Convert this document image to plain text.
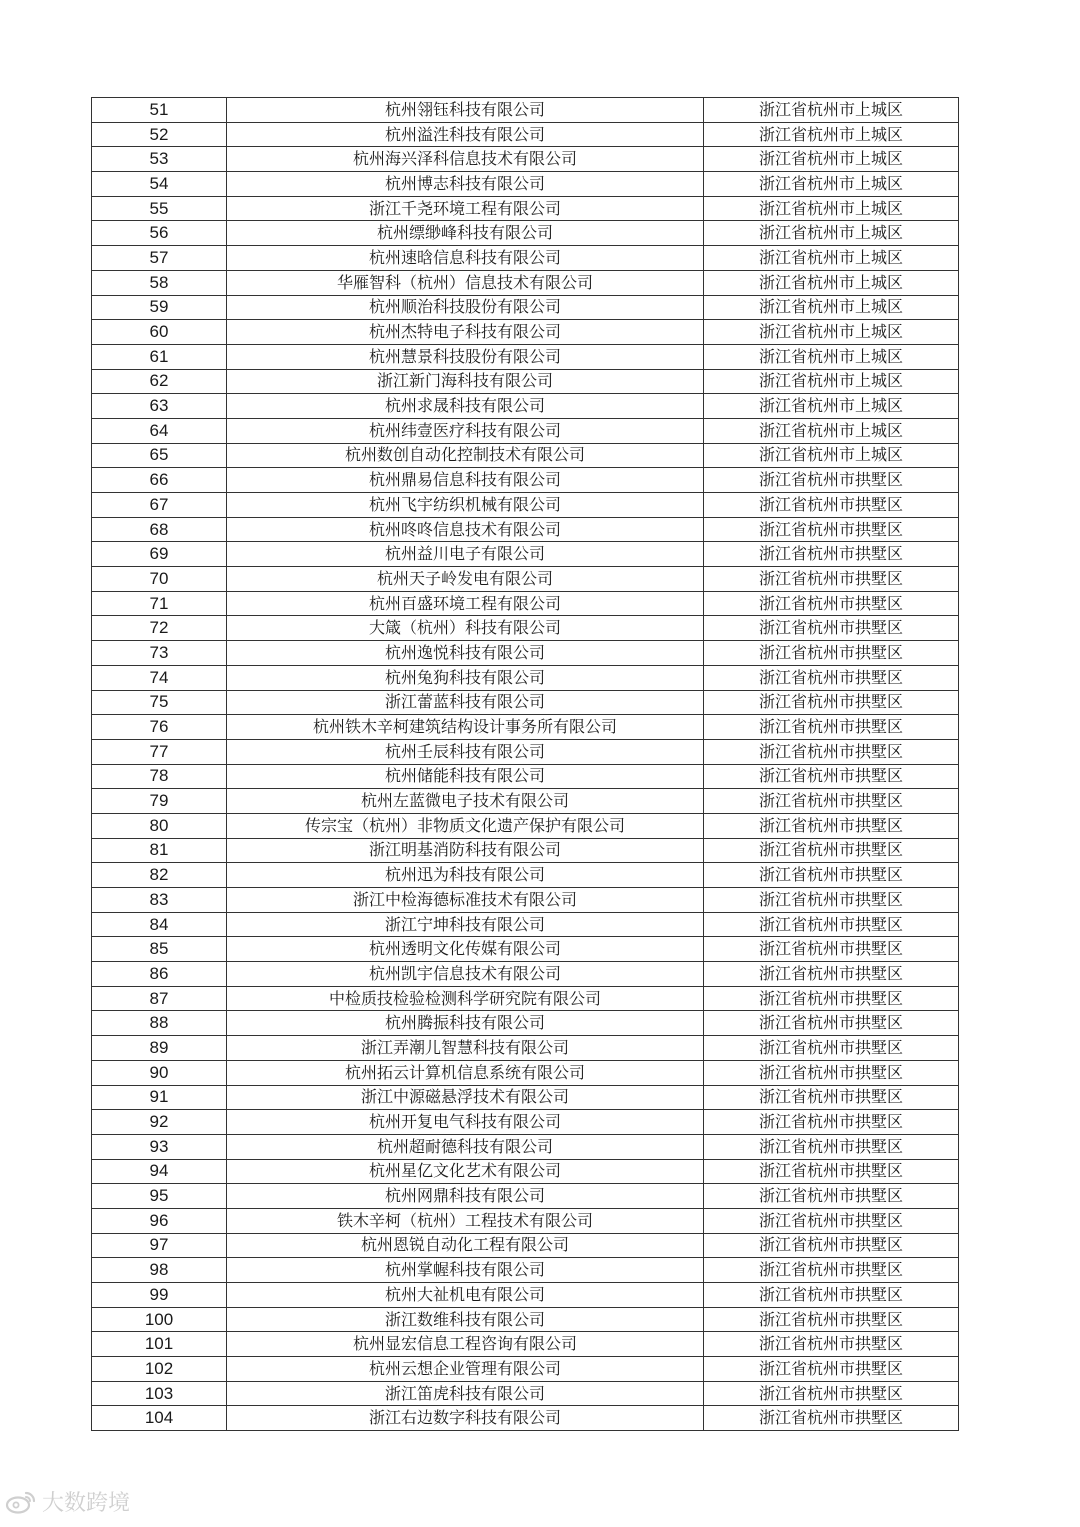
51	杭州翎钰科技有限公司	浙江省杭州市上城区
52	杭州溢泩科技有限公司	浙江省杭州市上城区
53	杭州海兴泽科信息技术有限公司	浙江省杭州市上城区
54	杭州博志科技有限公司	浙江省杭州市上城区
55	浙江千尧环境工程有限公司	浙江省杭州市上城区
56	杭州缥缈峰科技有限公司	浙江省杭州市上城区
57	杭州速晗信息科技有限公司	浙江省杭州市上城区
58	华雁智科（杭州）信息技术有限公司	浙江省杭州市上城区
59	杭州顺治科技股份有限公司	浙江省杭州市上城区
60	杭州杰特电子科技有限公司	浙江省杭州市上城区
61	杭州慧景科技股份有限公司	浙江省杭州市上城区
62	浙江新门海科技有限公司	浙江省杭州市上城区
63	杭州求晟科技有限公司	浙江省杭州市上城区
64	杭州纬壹医疗科技有限公司	浙江省杭州市上城区
65	杭州数创自动化控制技术有限公司	浙江省杭州市上城区
66	杭州鼎易信息科技有限公司	浙江省杭州市拱墅区
67	杭州飞宇纺织机械有限公司	浙江省杭州市拱墅区
68	杭州咚咚信息技术有限公司	浙江省杭州市拱墅区
69	杭州益川电子有限公司	浙江省杭州市拱墅区
70	杭州天子岭发电有限公司	浙江省杭州市拱墅区
71	杭州百盛环境工程有限公司	浙江省杭州市拱墅区
72	大箴（杭州）科技有限公司	浙江省杭州市拱墅区
73	杭州逸悦科技有限公司	浙江省杭州市拱墅区
74	杭州兔狗科技有限公司	浙江省杭州市拱墅区
75	浙江蕾蓝科技有限公司	浙江省杭州市拱墅区
76	杭州铁木辛柯建筑结构设计事务所有限公司	浙江省杭州市拱墅区
77	杭州壬辰科技有限公司	浙江省杭州市拱墅区
78	杭州储能科技有限公司	浙江省杭州市拱墅区
79	杭州左蓝微电子技术有限公司	浙江省杭州市拱墅区
80	传宗宝（杭州）非物质文化遗产保护有限公司	浙江省杭州市拱墅区
81	浙江明基消防科技有限公司	浙江省杭州市拱墅区
82	杭州迅为科技有限公司	浙江省杭州市拱墅区
83	浙江中检海德标准技术有限公司	浙江省杭州市拱墅区
84	浙江宁坤科技有限公司	浙江省杭州市拱墅区
85	杭州透明文化传媒有限公司	浙江省杭州市拱墅区
86	杭州凯宇信息技术有限公司	浙江省杭州市拱墅区
87	中检质技检验检测科学研究院有限公司	浙江省杭州市拱墅区
88	杭州腾振科技有限公司	浙江省杭州市拱墅区
89	浙江弄潮儿智慧科技有限公司	浙江省杭州市拱墅区
90	杭州拓云计算机信息系统有限公司	浙江省杭州市拱墅区
91	浙江中源磁悬浮技术有限公司	浙江省杭州市拱墅区
92	杭州开复电气科技有限公司	浙江省杭州市拱墅区
93	杭州超耐德科技有限公司	浙江省杭州市拱墅区
94	杭州星亿文化艺术有限公司	浙江省杭州市拱墅区
95	杭州网鼎科技有限公司	浙江省杭州市拱墅区
96	铁木辛柯（杭州）工程技术有限公司	浙江省杭州市拱墅区
97	杭州恩锐自动化工程有限公司	浙江省杭州市拱墅区
98	杭州掌幄科技有限公司	浙江省杭州市拱墅区
99	杭州大祉机电有限公司	浙江省杭州市拱墅区
100	浙江数维科技有限公司	浙江省杭州市拱墅区
101	杭州显宏信息工程咨询有限公司	浙江省杭州市拱墅区
102	杭州云想企业管理有限公司	浙江省杭州市拱墅区
103	浙江笛虎科技有限公司	浙江省杭州市拱墅区
104	浙江右边数字科技有限公司	浙江省杭州市拱墅区
大数跨境
